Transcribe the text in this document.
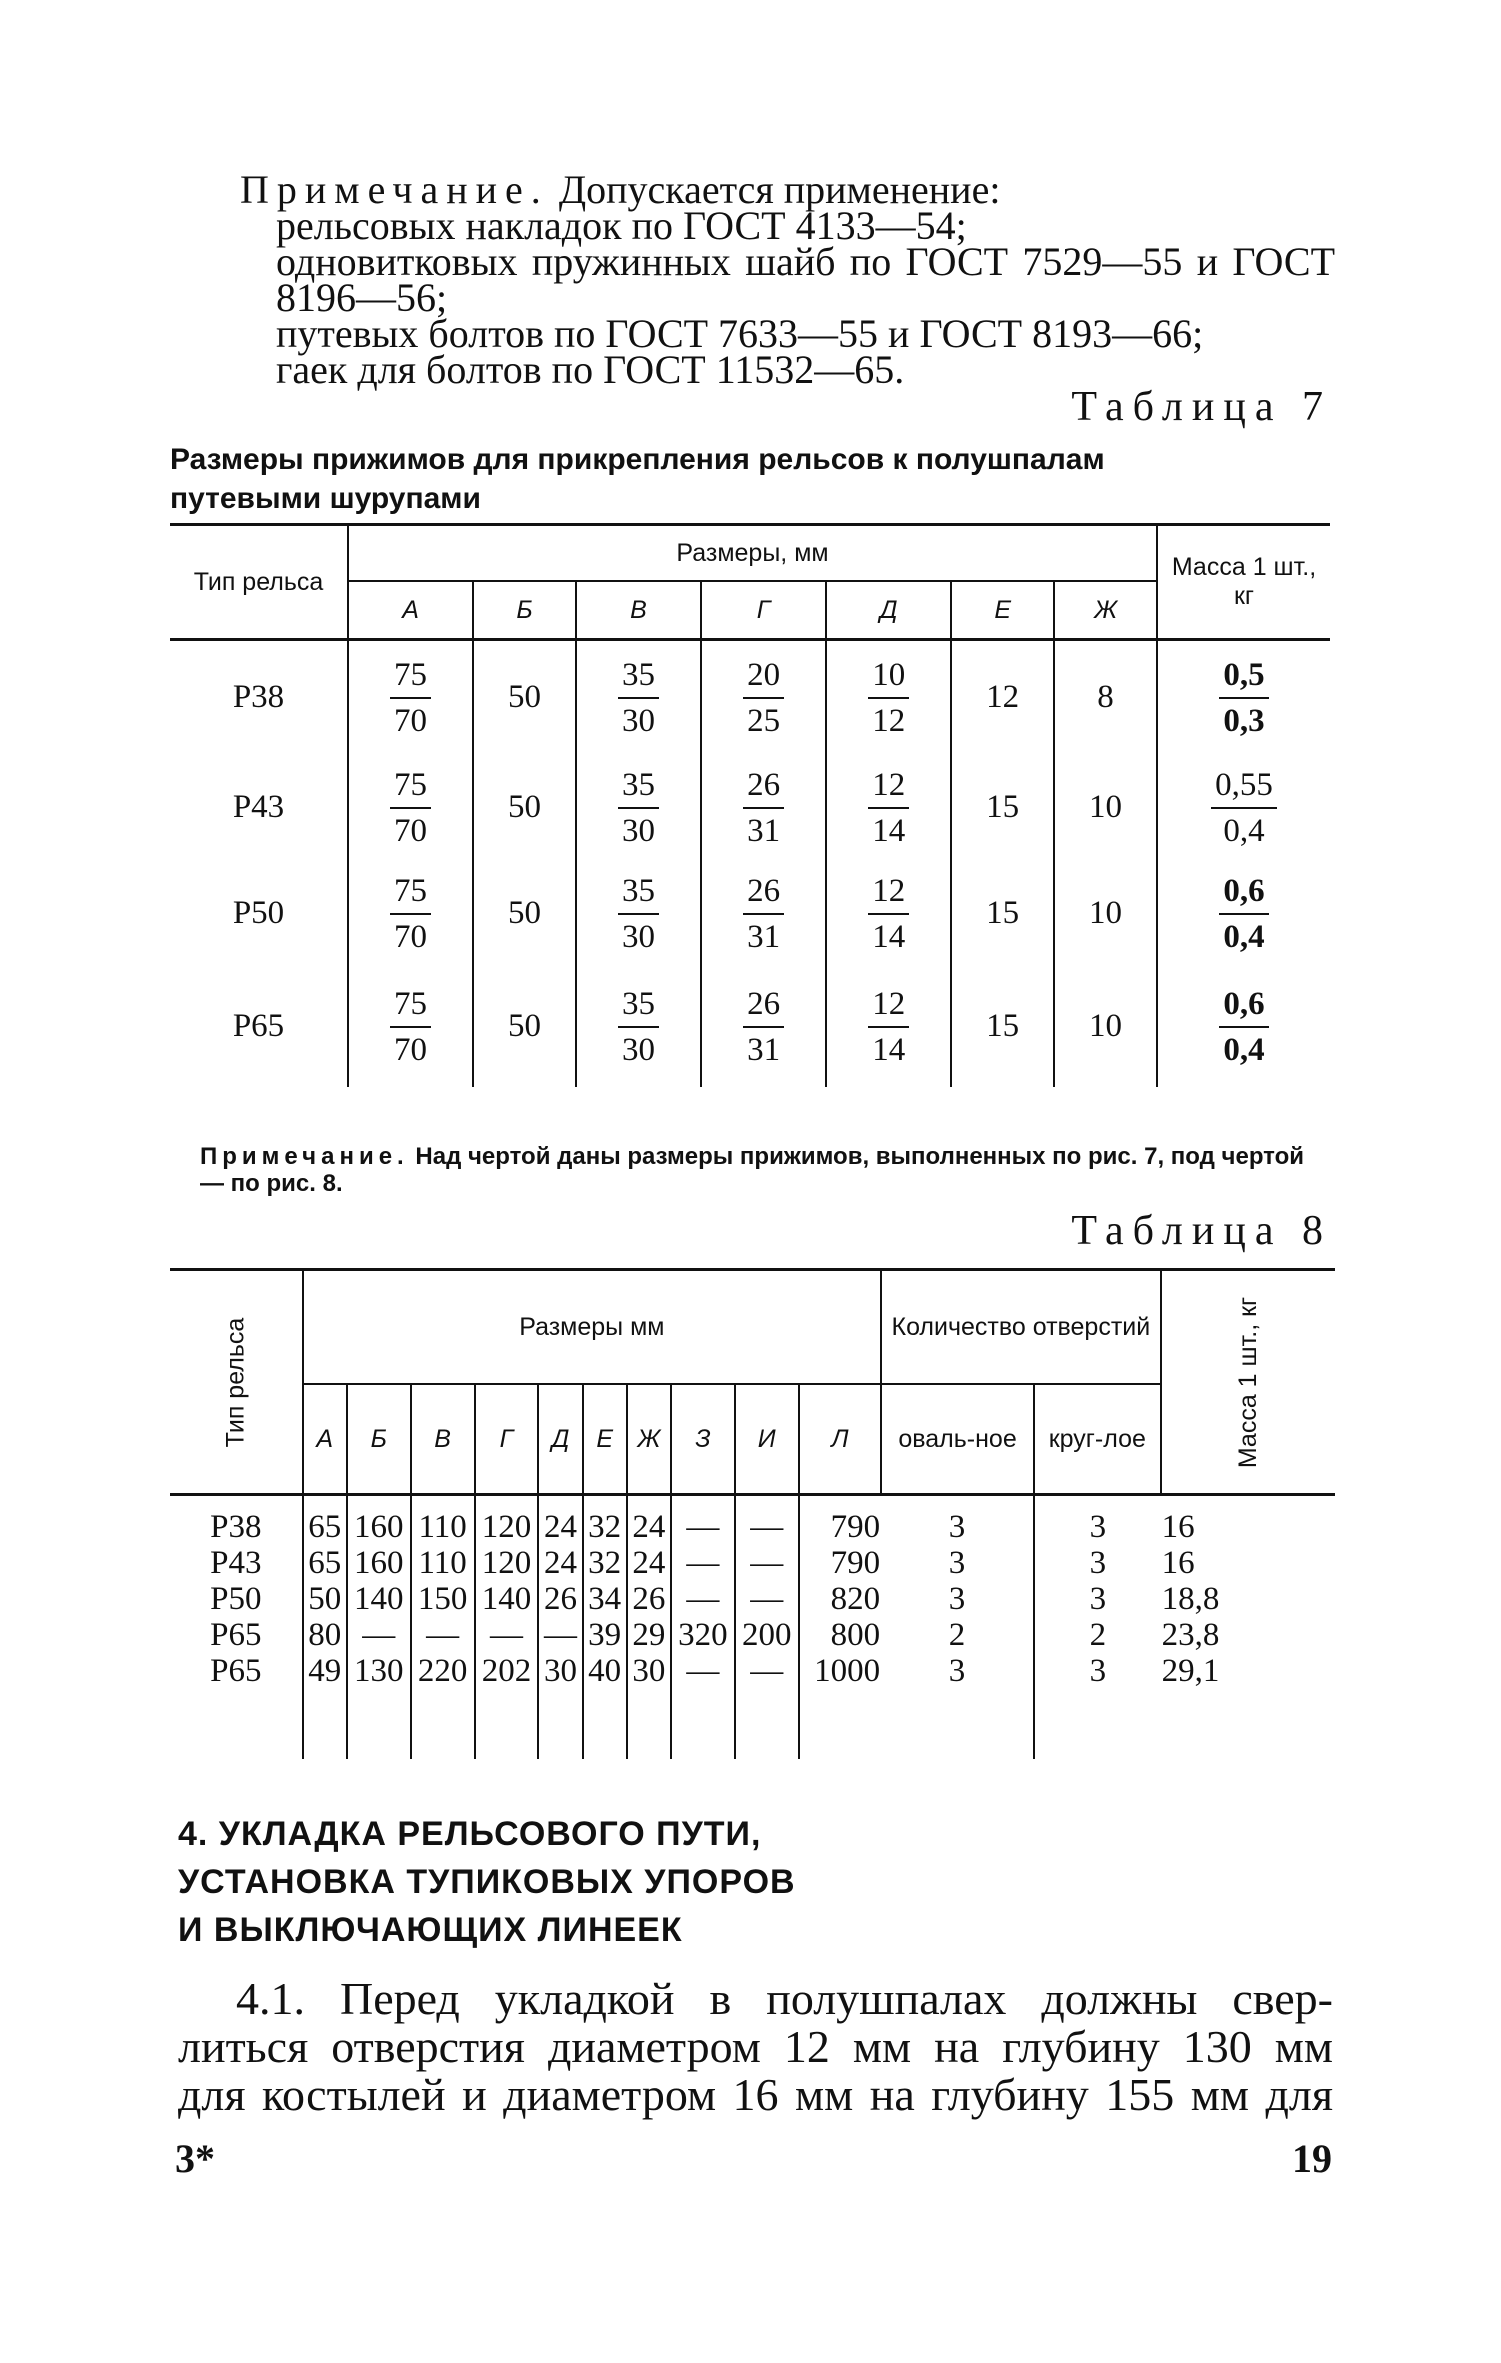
Примечание. Допускается применение:
рельсовых накладок по ГОСТ 4133—54;
одновитковых пружинных шайб по ГОСТ 7529—55 и ГОСТ
8196—56;
путевых болтов по ГОСТ 7633—55 и ГОСТ 8193—66;
гаек для болтов по ГОСТ 11532—65.
Таблица 7
Размеры прижимов для прикрепления рельсов к полушпалам
путевыми шурупами
Тип рельса	Размеры, мм							Масса 1 шт., кг
	А	Б	В	Г	Д	Е	Ж	
Р38	$\frac{75}{70}$	50	$\frac{35}{30}$	$\frac{20}{25}$	$\frac{10}{12}$	12	8	$\frac{0,5}{0,3}$

Р43	$\frac{75}{70}$	50	$\frac{35}{30}$	$\frac{26}{31}$	$\frac{12}{14}$	15	10	$\frac{0,55}{0,4}$

Р50	$\frac{75}{70}$	50	$\frac{35}{30}$	$\frac{26}{31}$	$\frac{12}{14}$	15	10	$\frac{0,6}{0,4}$

Р65	$\frac{75}{70}$	50	$\frac{35}{30}$	$\frac{26}{31}$	$\frac{12}{14}$	15	10	$\frac{0,6}{0,4}$
Примечание. Над чертой даны размеры прижимов, выполненных по рис. 7, под чертой — по рис. 8.
Таблица 8
Тип рельса	Размеры мм										Количество отверстий		Масса 1 шт., кг

	А	Б	В	Г	Д	Е	Ж	З	И	Л	оваль-ное	круг-лое	
Р38	65	160	110	120	24	32	24	—	—	790	3	3	16
Р43	65	160	110	120	24	32	24	—	—	790	3	3	16
Р50	50	140	150	140	26	34	26	—	—	820	3	3	18,8
Р65	80	—	—	—	—	39	29	320	200	800	2	2	23,8
Р65	49	130	220	202	30	40	30	—	—	1000	3	3	29,1

4. УКЛАДКА РЕЛЬСОВОГО ПУТИ,
УСТАНОВКА ТУПИКОВЫХ УПОРОВ
И ВЫКЛЮЧАЮЩИХ ЛИНЕЕК
4.1. Перед укладкой в полушпалах должны свер-
литься отверстия диаметром 12 мм на глубину 130 мм
для костылей и диаметром 16 мм на глубину 155 мм для
3*	19
